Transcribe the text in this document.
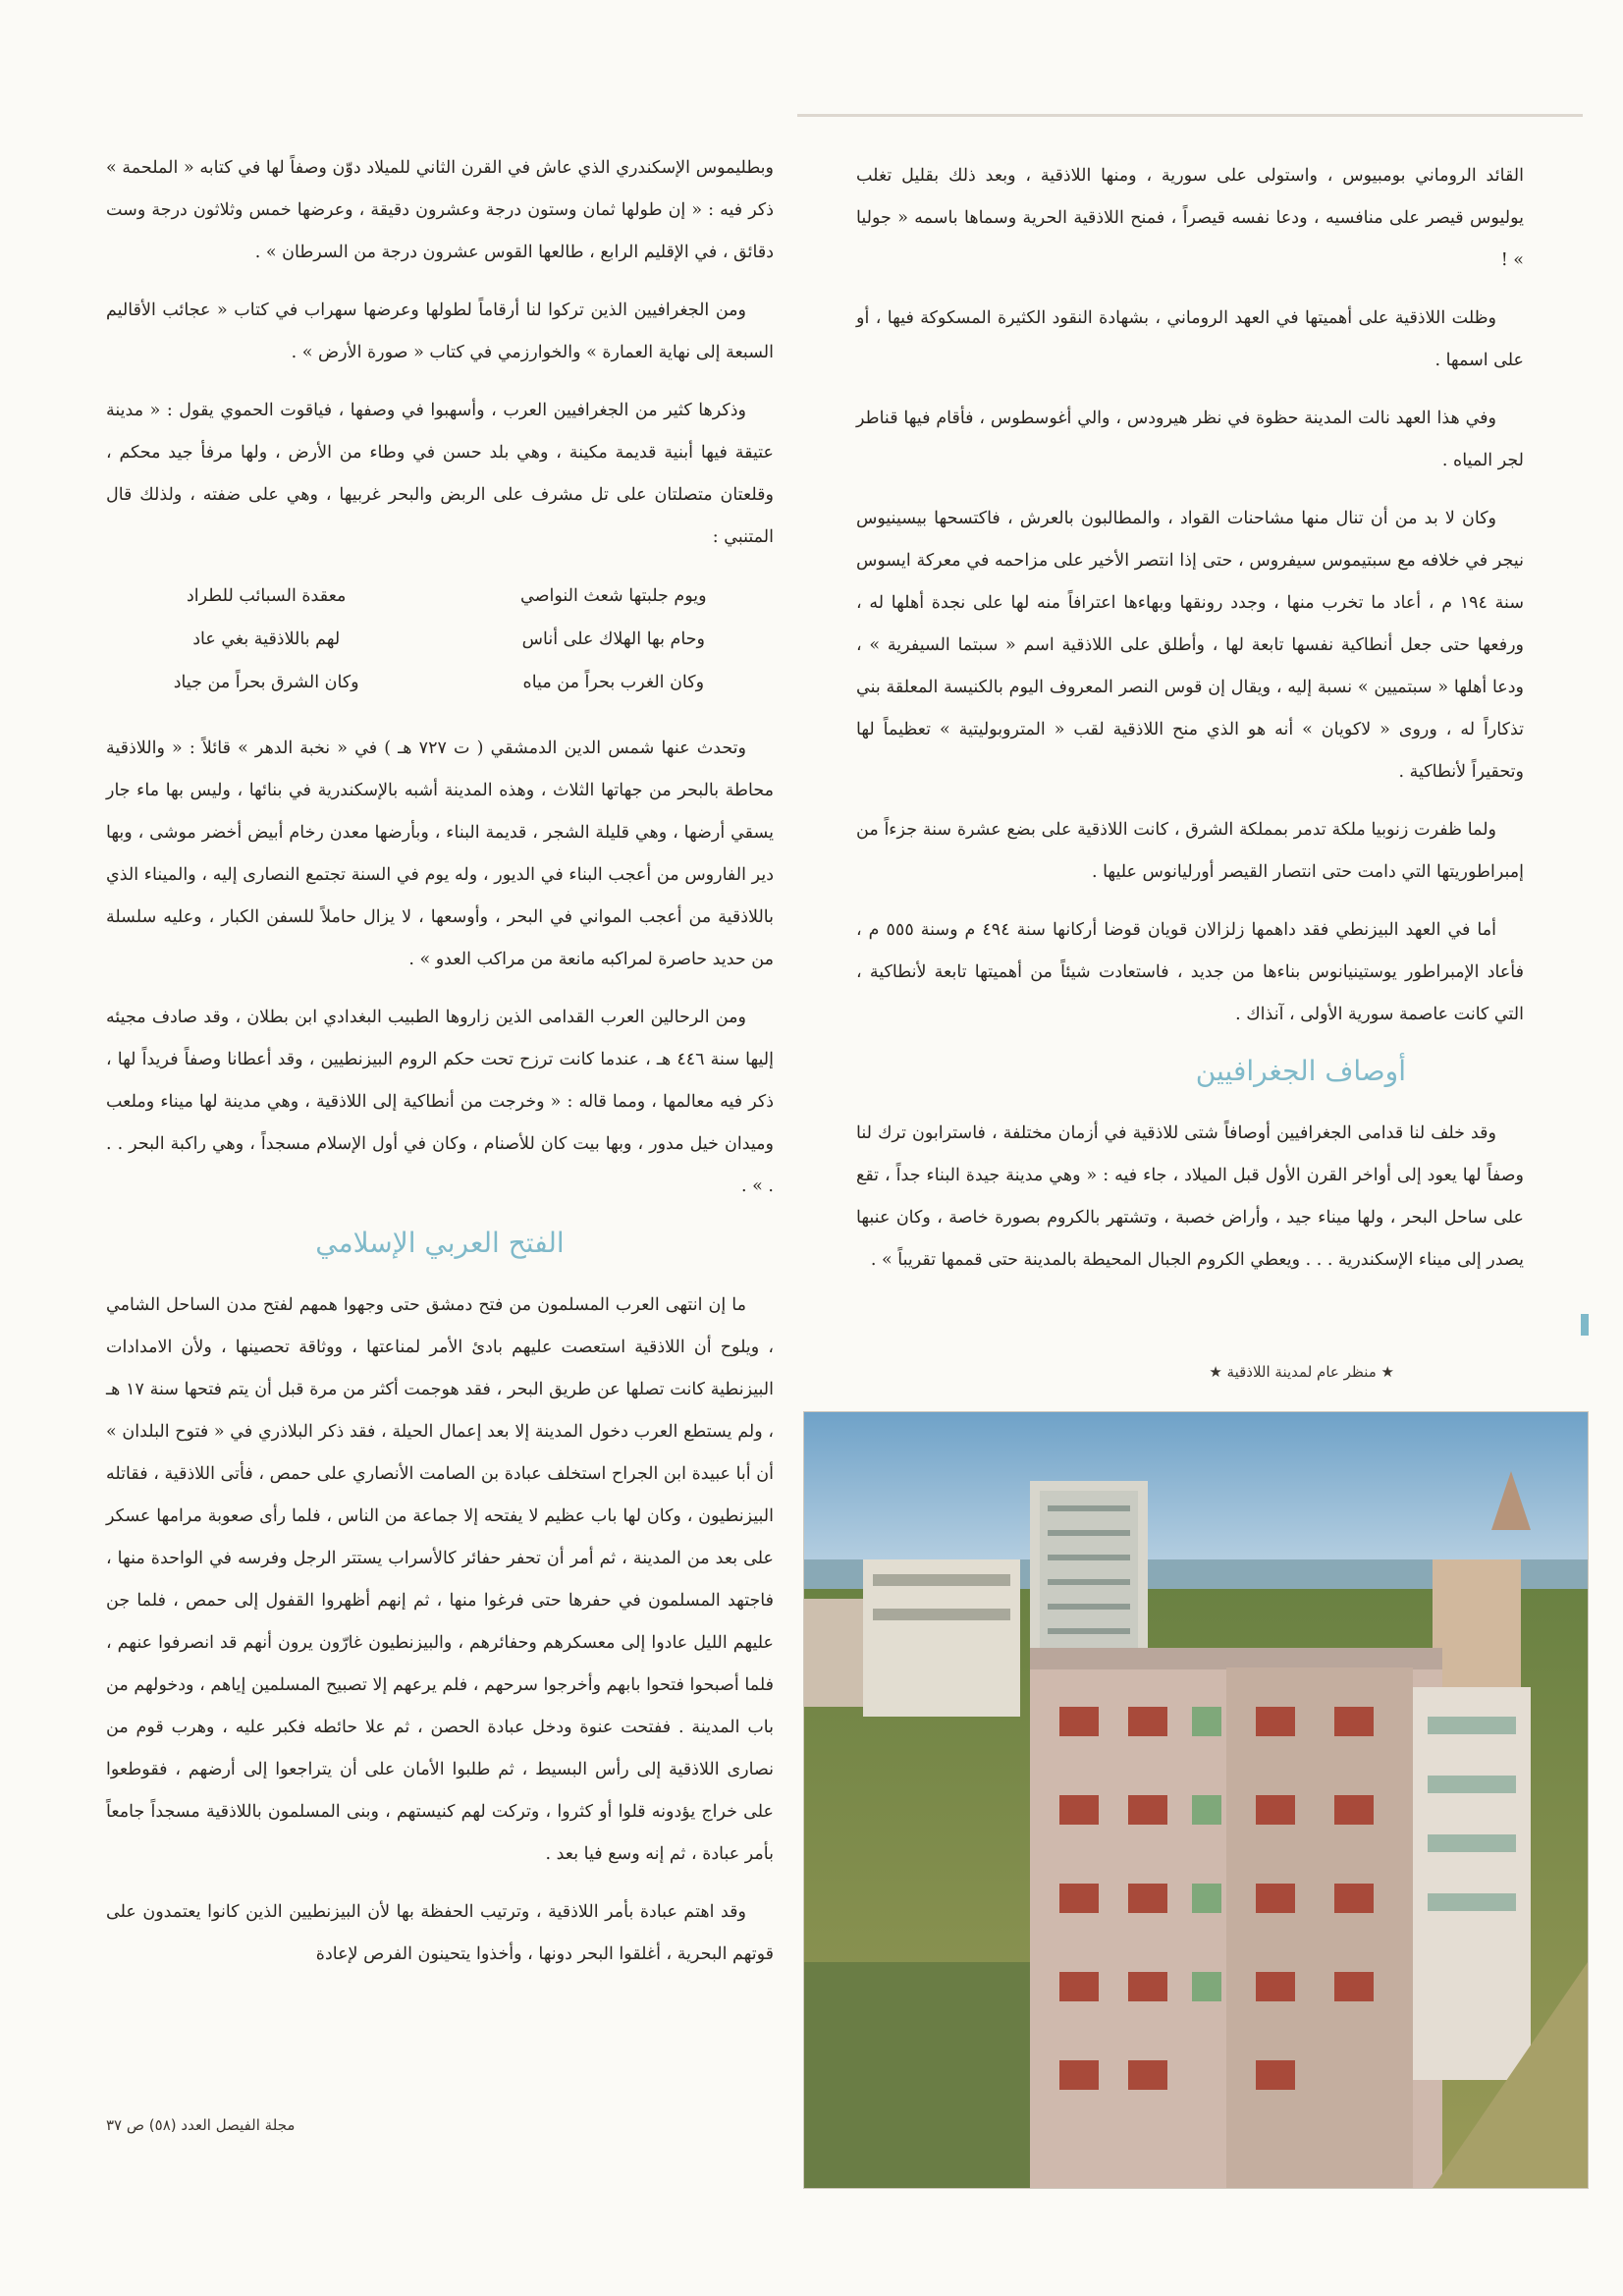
القائد الروماني بومبيوس ، واستولى على سورية ، ومنها اللاذقية ، وبعد ذلك بقليل تغلب يوليوس قيصر على منافسيه ، ودعا نفسه قيصراً ، فمنح اللاذقية الحرية وسماها باسمه « جوليا » !

وظلت اللاذقية على أهميتها في العهد الروماني ، بشهادة النقود الكثيرة المسكوكة فيها ، أو على اسمها .

وفي هذا العهد نالت المدينة حظوة في نظر هيرودس ، والي أغوسطوس ، فأقام فيها قناطر لجر المياه .

وكان لا بد من أن تنال منها مشاحنات القواد ، والمطالبون بالعرش ، فاكتسحها بيسينيوس نيجر في خلافه مع سبتيموس سيفروس ، حتى إذا انتصر الأخير على مزاحمه في معركة ايسوس سنة ١٩٤ م ، أعاد ما تخرب منها ، وجدد رونقها وبهاءها اعترافاً منه لها على نجدة أهلها له ، ورفعها حتى جعل أنطاكية نفسها تابعة لها ، وأطلق على اللاذقية اسم « سبتما السيفرية » ، ودعا أهلها « سبتميين » نسبة إليه ، ويقال إن قوس النصر المعروف اليوم بالكنيسة المعلقة بني تذكاراً له ، وروى « لاكويان » أنه هو الذي منح اللاذقية لقب « المتروبوليتية » تعظيماً لها وتحقيراً لأنطاكية .

ولما ظفرت زنوبيا ملكة تدمر بمملكة الشرق ، كانت اللاذقية على بضع عشرة سنة جزءاً من إمبراطوريتها التي دامت حتى انتصار القيصر أورليانوس عليها .

أما في العهد البيزنطي فقد داهمها زلزالان قويان قوضا أركانها سنة ٤٩٤ م وسنة ٥٥٥ م ، فأعاد الإمبراطور يوستينيانوس بناءها من جديد ، فاستعادت شيئاً من أهميتها تابعة لأنطاكية ، التي كانت عاصمة سورية الأولى ، آنذاك .

أوصاف الجغرافيين

وقد خلف لنا قدامى الجغرافيين أوصافاً شتى للاذقية في أزمان مختلفة ، فاسترابون ترك لنا وصفاً لها يعود إلى أواخر القرن الأول قبل الميلاد ، جاء فيه : « وهي مدينة جيدة البناء جداً ، تقع على ساحل البحر ، ولها ميناء جيد ، وأراض خصبة ، وتشتهر بالكروم بصورة خاصة ، وكان عنبها يصدر إلى ميناء الإسكندرية . . . ويعطي الكروم الجبال المحيطة بالمدينة حتى قممها تقريباً » .

★ منظر عام لمدينة اللاذقية ★

وبطليموس الإسكندري الذي عاش في القرن الثاني للميلاد دوّن وصفاً لها في كتابه « الملحمة » ذكر فيه : « إن طولها ثمان وستون درجة وعشرون دقيقة ، وعرضها خمس وثلاثون درجة وست دقائق ، في الإقليم الرابع ، طالعها القوس عشرون درجة من السرطان » .

ومن الجغرافيين الذين تركوا لنا أرقاماً لطولها وعرضها سهراب في كتاب « عجائب الأقاليم السبعة إلى نهاية العمارة » والخوارزمي في كتاب « صورة الأرض » .

وذكرها كثير من الجغرافيين العرب ، وأسهبوا في وصفها ، فياقوت الحموي يقول : « مدينة عتيقة فيها أبنية قديمة مكينة ، وهي بلد حسن في وطاء من الأرض ، ولها مرفأ جيد محكم ، وقلعتان متصلتان على تل مشرف على الربض والبحر غربيها ، وهي على ضفته ، ولذلك قال المتنبي :

ويوم جلبتها شعث النواصي
معقدة السبائب للطراد
وحام بها الهلاك على أناس
لهم باللاذقية بغي عاد
وكان الغرب بحراً من مياه
وكان الشرق بحراً من جياد

وتحدث عنها شمس الدين الدمشقي ( ت ٧٢٧ هـ ) في « نخبة الدهر » قائلاً : « واللاذقية محاطة بالبحر من جهاتها الثلاث ، وهذه المدينة أشبه بالإسكندرية في بنائها ، وليس بها ماء جار يسقي أرضها ، وهي قليلة الشجر ، قديمة البناء ، وبأرضها معدن رخام أبيض أخضر موشى ، وبها دير الفاروس من أعجب البناء في الديور ، وله يوم في السنة تجتمع النصارى إليه ، والميناء الذي باللاذقية من أعجب المواني في البحر ، وأوسعها ، لا يزال حاملاً للسفن الكبار ، وعليه سلسلة من حديد حاصرة لمراكبه مانعة من مراكب العدو » .

ومن الرحالين العرب القدامى الذين زاروها الطبيب البغدادي ابن بطلان ، وقد صادف مجيئه إليها سنة ٤٤٦ هـ ، عندما كانت ترزح تحت حكم الروم البيزنطيين ، وقد أعطانا وصفاً فريداً لها ، ذكر فيه معالمها ، ومما قاله : « وخرجت من أنطاكية إلى اللاذقية ، وهي مدينة لها ميناء وملعب وميدان خيل مدور ، وبها بيت كان للأصنام ، وكان في أول الإسلام مسجداً ، وهي راكبة البحر . . . » .

الفتح العربي الإسلامي

ما إن انتهى العرب المسلمون من فتح دمشق حتى وجهوا همهم لفتح مدن الساحل الشامي ، ويلوح أن اللاذقية استعصت عليهم بادئ الأمر لمناعتها ، ووثاقة تحصينها ، ولأن الامدادات البيزنطية كانت تصلها عن طريق البحر ، فقد هوجمت أكثر من مرة قبل أن يتم فتحها سنة ١٧ هـ ، ولم يستطع العرب دخول المدينة إلا بعد إعمال الحيلة ، فقد ذكر البلاذري في « فتوح البلدان » أن أبا عبيدة ابن الجراح استخلف عبادة بن الصامت الأنصاري على حمص ، فأتى اللاذقية ، فقاتله البيزنطيون ، وكان لها باب عظيم لا يفتحه إلا جماعة من الناس ، فلما رأى صعوبة مرامها عسكر على بعد من المدينة ، ثم أمر أن تحفر حفائر كالأسراب يستتر الرجل وفرسه في الواحدة منها ، فاجتهد المسلمون في حفرها حتى فرغوا منها ، ثم إنهم أظهروا القفول إلى حمص ، فلما جن عليهم الليل عادوا إلى معسكرهم وحفائرهم ، والبيزنطيون غارّون يرون أنهم قد انصرفوا عنهم ، فلما أصبحوا فتحوا بابهم وأخرجوا سرحهم ، فلم يرعهم إلا تصبيح المسلمين إياهم ، ودخولهم من باب المدينة . ففتحت عنوة ودخل عبادة الحصن ، ثم علا حائطه فكبر عليه ، وهرب قوم من نصارى اللاذقية إلى رأس البسيط ، ثم طلبوا الأمان على أن يتراجعوا إلى أرضهم ، فقوطعوا على خراج يؤدونه قلوا أو كثروا ، وتركت لهم كنيستهم ، وبنى المسلمون باللاذقية مسجداً جامعاً بأمر عبادة ، ثم إنه وسع فيا بعد .

وقد اهتم عبادة بأمر اللاذقية ، وترتيب الحفظة بها لأن البيزنطيين الذين كانوا يعتمدون على قوتهم البحرية ، أغلقوا البحر دونها ، وأخذوا يتحينون الفرص لإعادة

مجلة الفيصل العدد (٥٨) ص ٣٧
